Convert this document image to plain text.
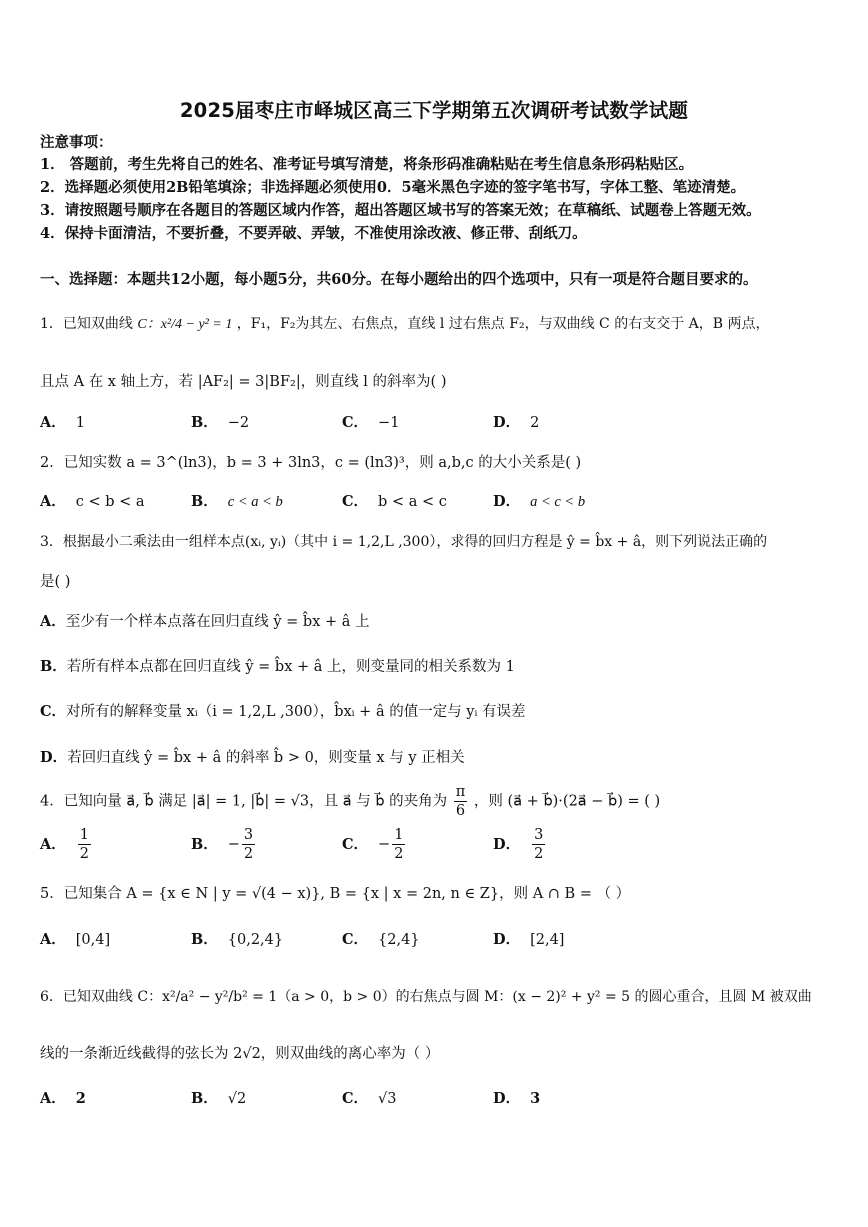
2025届枣庄市峄城区高三下学期第五次调研考试数学试题
注意事项：
1． 答题前，考生先将自己的姓名、准考证号填写清楚，将条形码准确粘贴在考生信息条形码粘贴区。
2．选择题必须使用2B铅笔填涂；非选择题必须使用0．5毫米黑色字迹的签字笔书写，字体工整、笔迹清楚。
3．请按照题号顺序在各题目的答题区域内作答，超出答题区域书写的答案无效；在草稿纸、试题卷上答题无效。
4．保持卡面清洁，不要折叠，不要弄破、弄皱，不准使用涂改液、修正带、刮纸刀。
一、选择题：本题共12小题，每小题5分，共60分。在每小题给出的四个选项中，只有一项是符合题目要求的。
1．已知双曲线 C：x²/4 − y² = 1 ，F₁，F₂为其左、右焦点，直线 l 过右焦点 F₂，与双曲线 C 的右支交于 A，B 两点，
且点 A 在 x 轴上方，若 |AF₂| = 3|BF₂|，则直线 l 的斜率为( )
A． 1	B． −2	C． −1	D． 2
2．已知实数 a = 3^(ln3)，b = 3 + 3ln3，c = (ln3)³，则 a,b,c 的大小关系是( )
A． c < b < a	B． c < a < b	C． b < a < c	D． a < c < b
3．根据最小二乘法由一组样本点(xᵢ, yᵢ)（其中 i = 1,2,L ,300），求得的回归方程是 ŷ = b̂x + â，则下列说法正确的
是( )
A．至少有一个样本点落在回归直线 ŷ = b̂x + â 上
B．若所有样本点都在回归直线 ŷ = b̂x + â 上，则变量同的相关系数为 1
C．对所有的解释变量 xᵢ（i = 1,2,L ,300），b̂xᵢ + â 的值一定与 yᵢ 有误差
D．若回归直线 ŷ = b̂x + â 的斜率 b̂ > 0，则变量 x 与 y 正相关
4．已知向量 a⃗, b⃗ 满足 |a⃗| = 1, |b⃗| = √3，且 a⃗ 与 b⃗ 的夹角为 $\frac{\pi}{6}$ ，则 (a⃗ + b⃗)·(2a⃗ − b⃗) = ( )
A． $\frac{1}{2}$	B． − $\frac{3}{2}$	C． − $\frac{1}{2}$	D． $\frac{3}{2}$
5．已知集合 A = {x ∈ N | y = √(4 − x)}, B = {x | x = 2n, n ∈ Z}，则 A ∩ B = （ ）
A． [0,4]	B． {0,2,4}	C． {2,4}	D． [2,4]
6．已知双曲线 C：x²/a² − y²/b² = 1（a > 0，b > 0）的右焦点与圆 M：(x − 2)² + y² = 5 的圆心重合，且圆 M 被双曲
线的一条渐近线截得的弦长为 2√2，则双曲线的离心率为（ ）
A． 2	B． √2	C． √3	D． 3
